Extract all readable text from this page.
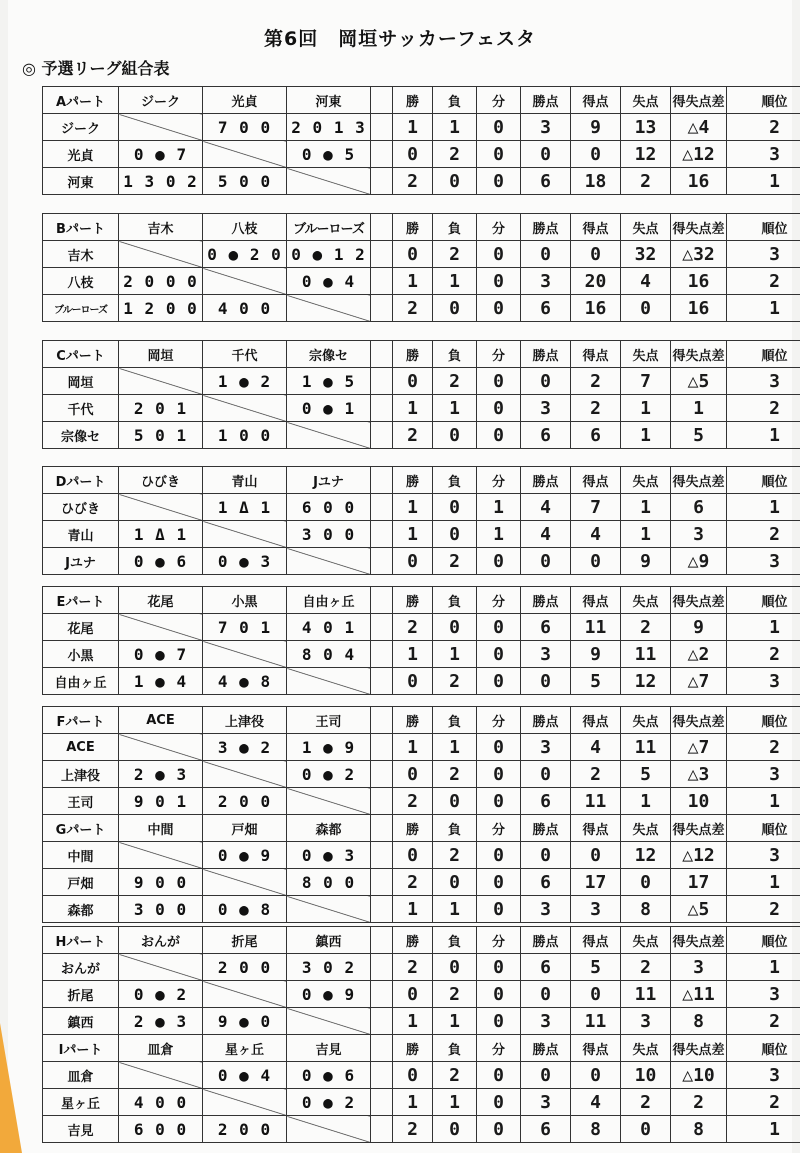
第6回　岡垣サッカーフェスタ
◎ 予選リーグ組合表
Aパート	ジーク	光貞	河東		勝	負	分	勝点	得点	失点	得失点差	順位
ジーク		7 0 0	2 0 1 3		1	1	0	3	9	13	△4	2
光貞	0 ● 7		0 ● 5		0	2	0	0	0	12	△12	3
河東	1 3 0 2	5 0 0			2	0	0	6	18	2	16	1
Bパート	吉木	八枝	ブルーローズ		勝	負	分	勝点	得点	失点	得失点差	順位
吉木		0 ● 2 0	0 ● 1 2		0	2	0	0	0	32	△32	3
八枝	2 0 0 0		0 ● 4		1	1	0	3	20	4	16	2
ブルーローズ	1 2 0 0	4 0 0			2	0	0	6	16	0	16	1
Cパート	岡垣	千代	宗像セ		勝	負	分	勝点	得点	失点	得失点差	順位
岡垣		1 ● 2	1 ● 5		0	2	0	0	2	7	△5	3
千代	2 0 1		0 ● 1		1	1	0	3	2	1	1	2
宗像セ	5 0 1	1 0 0			2	0	0	6	6	1	5	1
Dパート	ひびき	青山	Jユナ		勝	負	分	勝点	得点	失点	得失点差	順位
ひびき		1 Δ 1	6 0 0		1	0	1	4	7	1	6	1
青山	1 Δ 1		3 0 0		1	0	1	4	4	1	3	2
Jユナ	0 ● 6	0 ● 3			0	2	0	0	0	9	△9	3
Eパート	花尾	小黒	自由ヶ丘		勝	負	分	勝点	得点	失点	得失点差	順位
花尾		7 0 1	4 0 1		2	0	0	6	11	2	9	1
小黒	0 ● 7		8 0 4		1	1	0	3	9	11	△2	2
自由ヶ丘	1 ● 4	4 ● 8			0	2	0	0	5	12	△7	3
Fパート	ACE	上津役	王司		勝	負	分	勝点	得点	失点	得失点差	順位
ACE		3 ● 2	1 ● 9		1	1	0	3	4	11	△7	2
上津役	2 ● 3		0 ● 2		0	2	0	0	2	5	△3	3
王司	9 0 1	2 0 0			2	0	0	6	11	1	10	1
Gパート	中間	戸畑	森都		勝	負	分	勝点	得点	失点	得失点差	順位
中間		0 ● 9	0 ● 3		0	2	0	0	0	12	△12	3
戸畑	9 0 0		8 0 0		2	0	0	6	17	0	17	1
森都	3 0 0	0 ● 8			1	1	0	3	3	8	△5	2
Hパート	おんが	折尾	鎮西		勝	負	分	勝点	得点	失点	得失点差	順位
おんが		2 0 0	3 0 2		2	0	0	6	5	2	3	1
折尾	0 ● 2		0 ● 9		0	2	0	0	0	11	△11	3
鎮西	2 ● 3	9 ● 0			1	1	0	3	11	3	8	2
Iパート	皿倉	星ヶ丘	吉見		勝	負	分	勝点	得点	失点	得失点差	順位
皿倉		0 ● 4	0 ● 6		0	2	0	0	0	10	△10	3
星ヶ丘	4 0 0		0 ● 2		1	1	0	3	4	2	2	2
吉見	6 0 0	2 0 0			2	0	0	6	8	0	8	1
